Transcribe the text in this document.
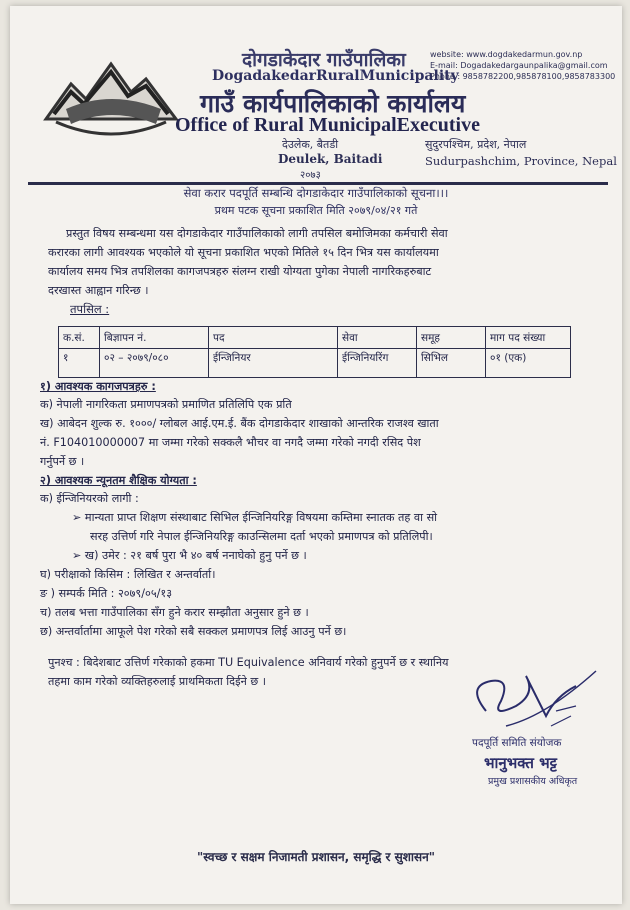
दोगडाकेदार गाउँपालिका
DogadakedarRuralMunicipality
गाउँ कार्यपालिकाको कार्यालय
Office of Rural MunicipalExecutive
website: www.dogdakedarmun.gov.np
E-mail: Dogadakedargaunpalika@gmail.com
Phone : 9858782200,985878100,9858783300
देउलेक, बैतडी
Deulek, Baitadi
२०७३
सुदुरपश्चिम, प्रदेश, नेपाल
Sudurpashchim, Province, Nepal
सेवा करार पदपूर्ति सम्बन्धि दोगडाकेदार गाउँपालिकाको सूचना।।।
प्रथम पटक सूचना प्रकाशित मिति २०७९/०४/२१ गते
प्रस्तुत विषय सम्बन्धमा यस दोगडाकेदार गाउँपालिकाको लागी तपसिल बमोजिमका कर्मचारी सेवा
करारका लागी आवश्यक भएकोले यो सूचना प्रकाशित भएको मितिले १५ दिन भित्र यस कार्यालयमा
कार्यालय समय भित्र तपशिलका कागजपत्रहरु संलग्न राखी योग्यता पुगेका नेपाली नागरिकहरुबाट
दरखास्त आह्वान गरिन्छ ।
तपसिल :
क.सं.	बिज्ञापन नं.	पद	सेवा	समूह	माग पद संख्या
१	०२ – २०७९/०८०	ईन्जिनियर	ईन्जिनियरिंग	सिभिल	०१ (एक)
१) आवश्यक कागजपत्रहरु :
क) नेपाली नागरिकता प्रमाणपत्रको प्रमाणित प्रतिलिपि एक प्रति
ख) आबेदन शुल्क रु. १०००/ ग्लोबल आई.एम.ई. बैंक दोगडाकेदार शाखाको आन्तरिक राजश्व खाता
नं. F104010000007 मा जम्मा गरेको सक्कलै भौचर वा नगदै जम्मा गरेको नगदी रसिद पेश
गर्नुपर्ने छ ।
२) आवश्यक न्यूनतम शैक्षिक योग्यता :
क) ईन्जिनियरको लागी :
➢ मान्यता प्राप्त शिक्षण संस्थाबाट सिभिल ईन्जिनियरिङ्ग विषयमा कम्तिमा स्नातक तह वा सो
सरह उत्तिर्ण गरि नेपाल ईन्जिनियरिङ्ग काउन्सिलमा दर्ता भएको प्रमाणपत्र को प्रतिलिपी।
➢ ख) उमेर : २१ बर्ष पुरा भै ४० बर्ष ननाघेको हुनु पर्ने छ ।
घ) परीक्षाको किसिम : लिखित र अन्तर्वार्ता।
ङ ) सम्पर्क मिति : २०७९/०५/१३
च) तलब भत्ता गाउँपालिका सँग हुने करार सम्झौता अनुसार हुने छ ।
छ) अन्तर्वार्तामा आफूले पेश गरेको सबै सक्कल प्रमाणपत्र लिई आउनु पर्ने छ।
पुनश्च : बिदेशबाट उत्तिर्ण गरेकाको हकमा TU Equivalence अनिवार्य गरेको हुनुपर्ने छ र स्थानिय
तहमा काम गरेको व्यक्तिहरुलाई प्राथमिकता दिईने छ ।
पदपूर्ति समिति संयोजक
भानुभक्त भट्ट
प्रमुख प्रशासकीय अधिकृत
"स्वच्छ र सक्षम निजामती प्रशासन, समृद्धि र सुशासन"
